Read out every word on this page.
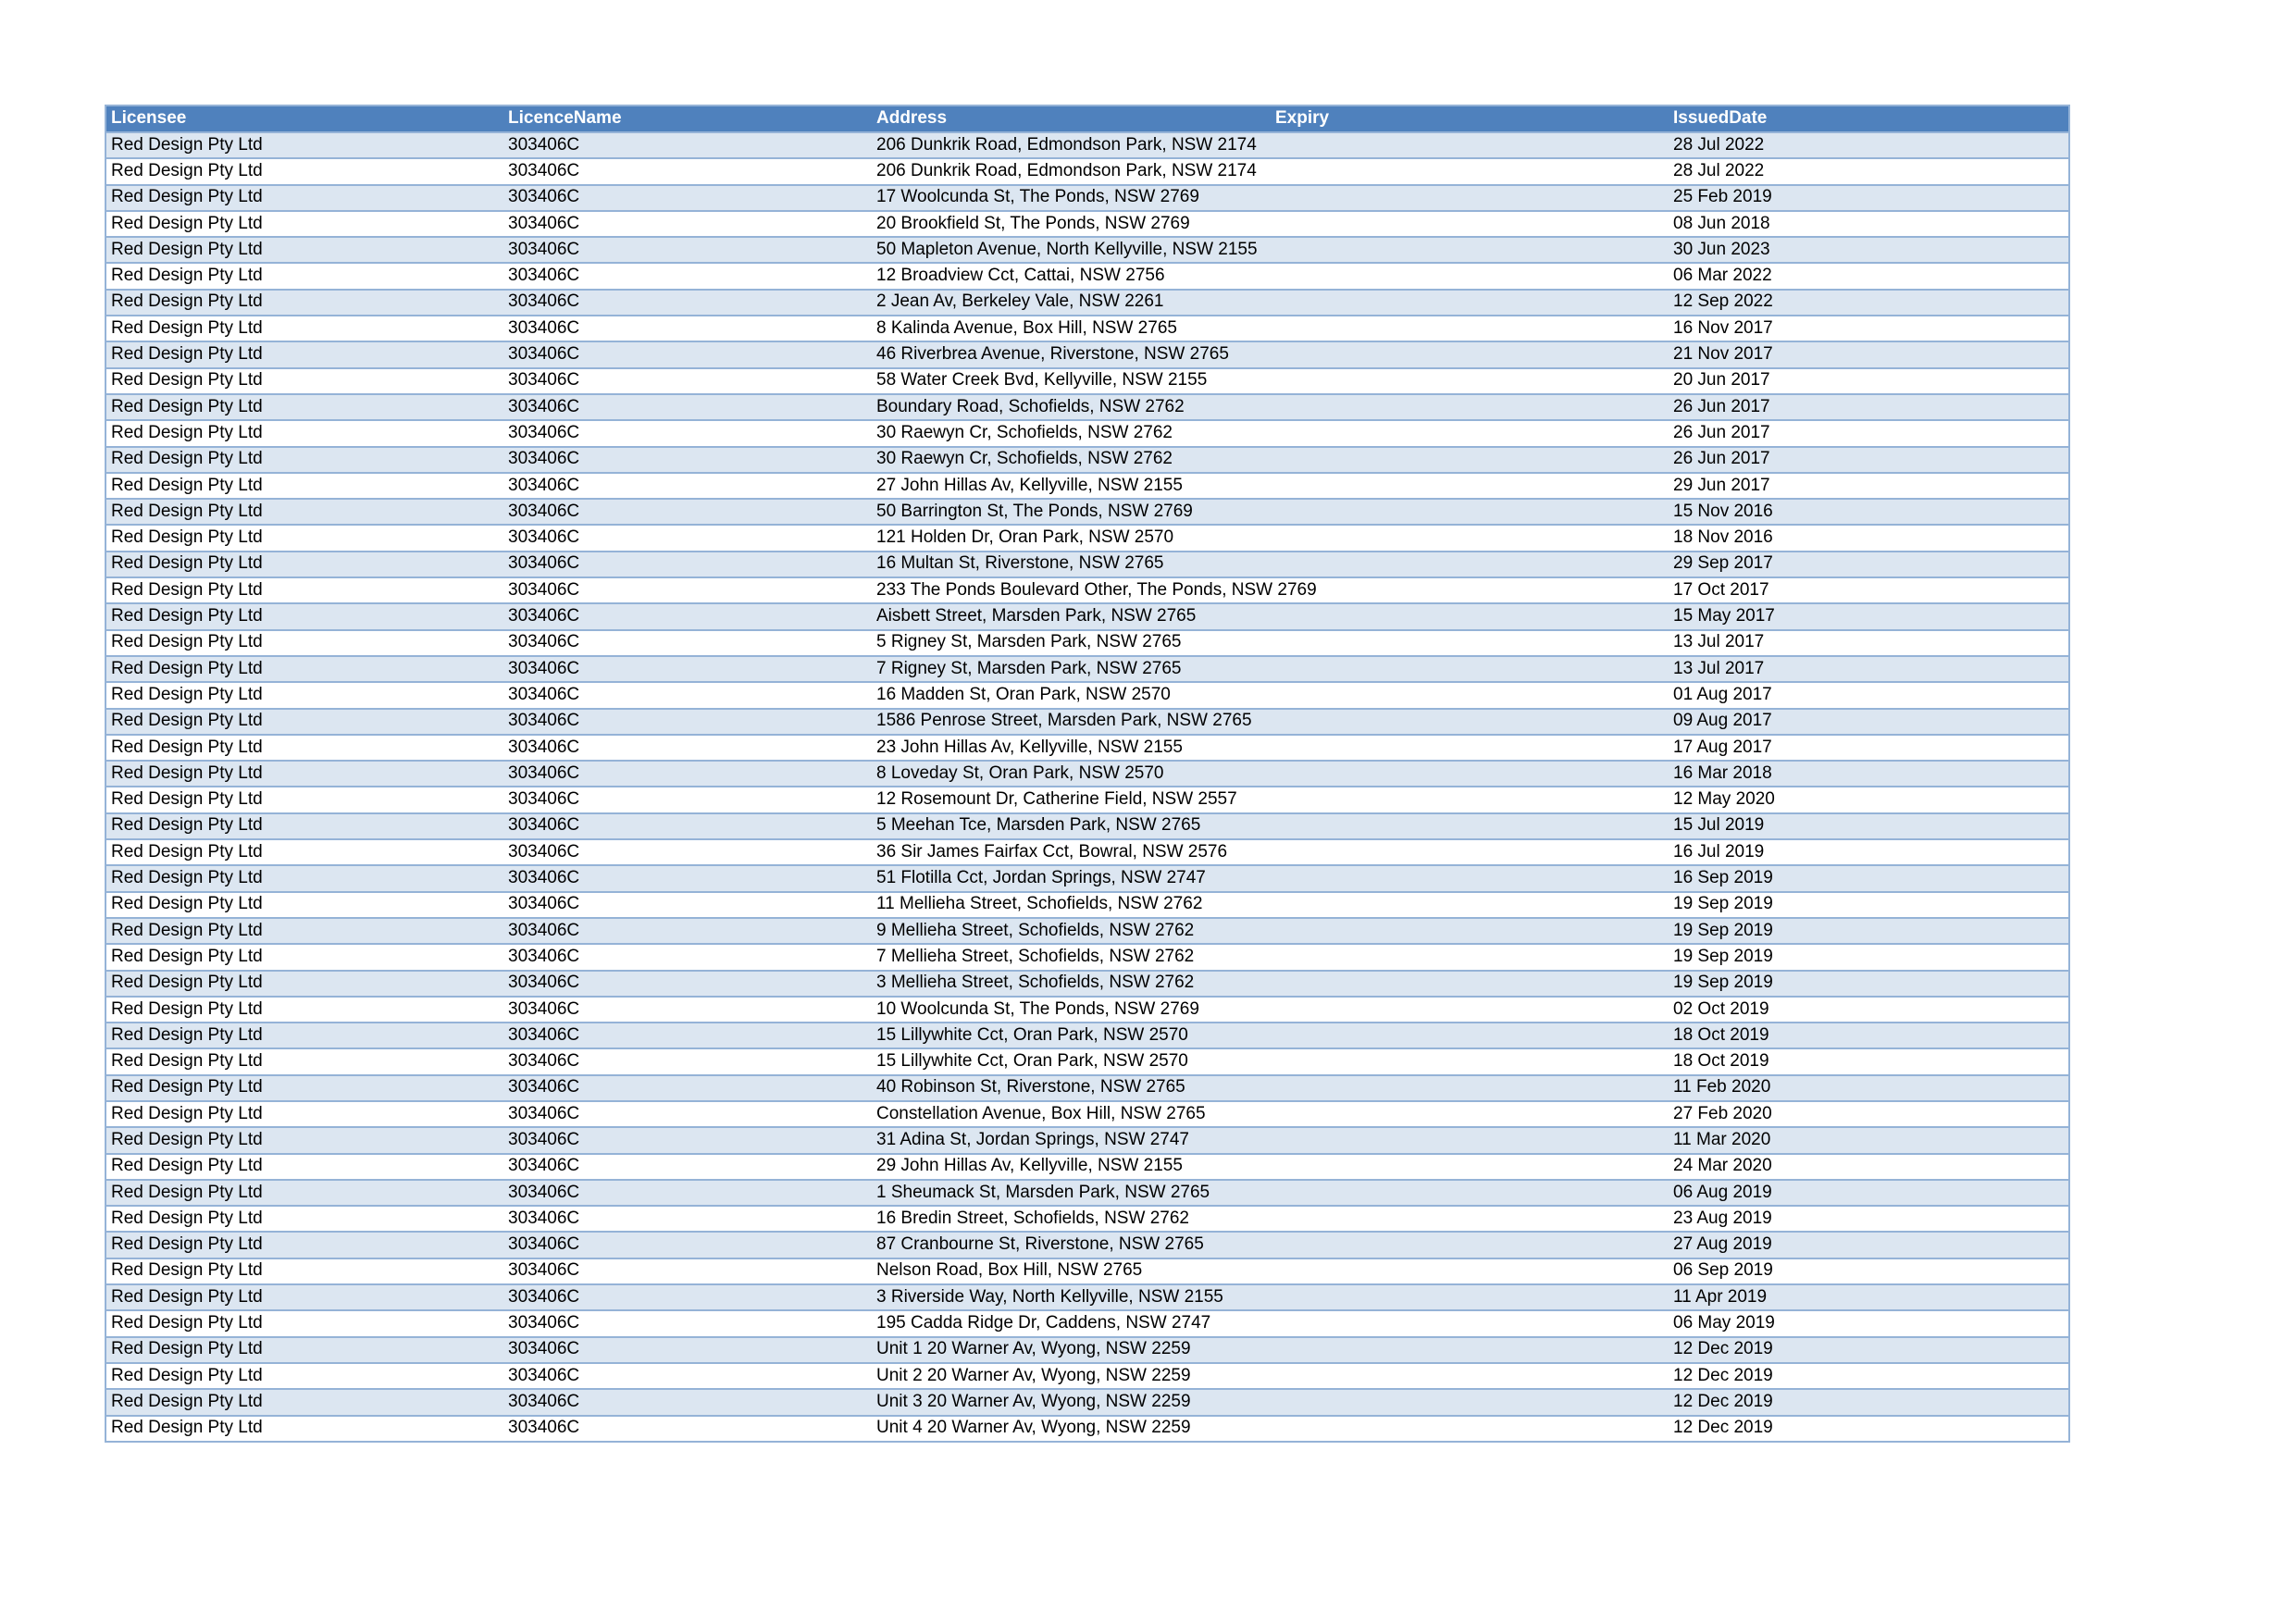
Licensee	LicenceName	Address	Expiry	IssuedDate
Red Design Pty Ltd	303406C	206 Dunkrik Road, Edmondson Park, NSW 2174		28 Jul 2022
Red Design Pty Ltd	303406C	206 Dunkrik Road, Edmondson Park, NSW 2174		28 Jul 2022
Red Design Pty Ltd	303406C	17 Woolcunda St, The Ponds, NSW 2769		25 Feb 2019
Red Design Pty Ltd	303406C	20 Brookfield St, The Ponds, NSW 2769		08 Jun 2018
Red Design Pty Ltd	303406C	50 Mapleton Avenue, North Kellyville, NSW 2155		30 Jun 2023
Red Design Pty Ltd	303406C	12 Broadview Cct, Cattai, NSW 2756		06 Mar 2022
Red Design Pty Ltd	303406C	2 Jean Av, Berkeley Vale, NSW 2261		12 Sep 2022
Red Design Pty Ltd	303406C	8 Kalinda Avenue, Box Hill, NSW 2765		16 Nov 2017
Red Design Pty Ltd	303406C	46 Riverbrea Avenue, Riverstone, NSW 2765		21 Nov 2017
Red Design Pty Ltd	303406C	58 Water Creek Bvd, Kellyville, NSW 2155		20 Jun 2017
Red Design Pty Ltd	303406C	Boundary Road, Schofields, NSW 2762		26 Jun 2017
Red Design Pty Ltd	303406C	30 Raewyn Cr, Schofields, NSW 2762		26 Jun 2017
Red Design Pty Ltd	303406C	30 Raewyn Cr, Schofields, NSW 2762		26 Jun 2017
Red Design Pty Ltd	303406C	27 John Hillas Av, Kellyville, NSW 2155		29 Jun 2017
Red Design Pty Ltd	303406C	50 Barrington St, The Ponds, NSW 2769		15 Nov 2016
Red Design Pty Ltd	303406C	121 Holden Dr, Oran Park, NSW 2570		18 Nov 2016
Red Design Pty Ltd	303406C	16 Multan St, Riverstone, NSW 2765		29 Sep 2017
Red Design Pty Ltd	303406C	233 The Ponds Boulevard Other, The Ponds, NSW 2769		17 Oct 2017
Red Design Pty Ltd	303406C	Aisbett Street, Marsden Park, NSW 2765		15 May 2017
Red Design Pty Ltd	303406C	5 Rigney St, Marsden Park, NSW 2765		13 Jul 2017
Red Design Pty Ltd	303406C	7 Rigney St, Marsden Park, NSW 2765		13 Jul 2017
Red Design Pty Ltd	303406C	16 Madden St, Oran Park, NSW 2570		01 Aug 2017
Red Design Pty Ltd	303406C	1586 Penrose Street, Marsden Park, NSW 2765		09 Aug 2017
Red Design Pty Ltd	303406C	23 John Hillas Av, Kellyville, NSW 2155		17 Aug 2017
Red Design Pty Ltd	303406C	8 Loveday St, Oran Park, NSW 2570		16 Mar 2018
Red Design Pty Ltd	303406C	12 Rosemount Dr, Catherine Field, NSW 2557		12 May 2020
Red Design Pty Ltd	303406C	5 Meehan Tce, Marsden Park, NSW 2765		15 Jul 2019
Red Design Pty Ltd	303406C	36 Sir James Fairfax Cct, Bowral, NSW 2576		16 Jul 2019
Red Design Pty Ltd	303406C	51 Flotilla Cct, Jordan Springs, NSW 2747		16 Sep 2019
Red Design Pty Ltd	303406C	11 Mellieha Street, Schofields, NSW 2762		19 Sep 2019
Red Design Pty Ltd	303406C	9 Mellieha Street, Schofields, NSW 2762		19 Sep 2019
Red Design Pty Ltd	303406C	7 Mellieha Street, Schofields, NSW 2762		19 Sep 2019
Red Design Pty Ltd	303406C	3 Mellieha Street, Schofields, NSW 2762		19 Sep 2019
Red Design Pty Ltd	303406C	10 Woolcunda St, The Ponds, NSW 2769		02 Oct 2019
Red Design Pty Ltd	303406C	15 Lillywhite Cct, Oran Park, NSW 2570		18 Oct 2019
Red Design Pty Ltd	303406C	15 Lillywhite Cct, Oran Park, NSW 2570		18 Oct 2019
Red Design Pty Ltd	303406C	40 Robinson St, Riverstone, NSW 2765		11 Feb 2020
Red Design Pty Ltd	303406C	Constellation Avenue, Box Hill, NSW 2765		27 Feb 2020
Red Design Pty Ltd	303406C	31 Adina St, Jordan Springs, NSW 2747		11 Mar 2020
Red Design Pty Ltd	303406C	29 John Hillas Av, Kellyville, NSW 2155		24 Mar 2020
Red Design Pty Ltd	303406C	1 Sheumack St, Marsden Park, NSW 2765		06 Aug 2019
Red Design Pty Ltd	303406C	16 Bredin Street, Schofields, NSW 2762		23 Aug 2019
Red Design Pty Ltd	303406C	87 Cranbourne St, Riverstone, NSW 2765		27 Aug 2019
Red Design Pty Ltd	303406C	Nelson Road, Box Hill, NSW 2765		06 Sep 2019
Red Design Pty Ltd	303406C	3 Riverside Way, North Kellyville, NSW 2155		11 Apr 2019
Red Design Pty Ltd	303406C	195 Cadda Ridge Dr, Caddens, NSW 2747		06 May 2019
Red Design Pty Ltd	303406C	Unit 1 20 Warner Av, Wyong, NSW 2259		12 Dec 2019
Red Design Pty Ltd	303406C	Unit 2 20 Warner Av, Wyong, NSW 2259		12 Dec 2019
Red Design Pty Ltd	303406C	Unit 3 20 Warner Av, Wyong, NSW 2259		12 Dec 2019
Red Design Pty Ltd	303406C	Unit 4 20 Warner Av, Wyong, NSW 2259		12 Dec 2019
